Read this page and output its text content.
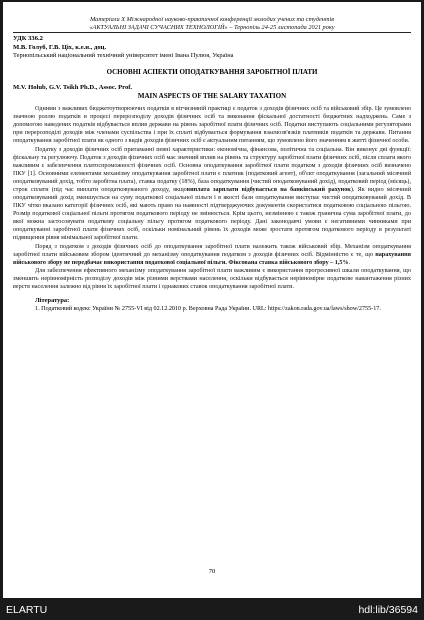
Матеріали Х Міжнародної науково-практичної конференції молодих учених та студентів
«АКТУАЛЬНІ ЗАДАЧІ СУЧАСНИХ ТЕХНОЛОГІЙ» – Тернопіль 24-25 листопада 2021 року
УДК 336.2
М.В. Голуб, Г.В. Ціх, к.е.н., доц.
Тернопільський національний технічний університет імені Івана Пулюя, Україна
ОСНОВНІ АСПЕКТИ ОПОДАТКУВАННЯ ЗАРОБІТНОЇ ПЛАТИ
M.V. Holub, G.V. Tsikh Ph.D., Assoc. Prof.
MAIN ASPECTS OF THE SALARY TAXATION

Одними з важливих бюджетоутворюючих податків в вітчизняній практиці є податок з доходів фізичних осіб та військовий збір. Це зумовлено значною роллю податків в процесі перерозподілу доходів фізичних осіб та виконання фіскальної достатності бюджетних надходжень. Саме з допомогою наведених податків відбувається вплив держави на рівень заробітної плати фізичних осіб. Податки виступають соціальними регуляторами при перерозподілі доходів між членами суспільства і при їх сплаті відбувається формування взаємозв'язків платників податків та держави. Питання оподаткування заробітної плати як одного з видів доходів фізичних осіб є актуальним питанням, що зумовлено його значенням в житті фізичної особи.

Податку з доходів фізичних осіб притаманні певні характеристики: економічна, фінансова, політична та соціальна. Він виконує дві функції: фіскальну та регулюючу. Податок з доходів фізичних осіб має значний вплив на рівень та структуру заробітної плати фізичних осіб, після сплати якого важливим є забезпечення платоспроможності фізичних осіб. Основна оподаткування заробітної плати податком з доходів фізичних осіб визначено ПКУ [1]. Основними елементами механізму оподаткування заробітної плати є платник (податковий агент), об'єкт оподаткування (загальний місячний оподатковуваний дохід, тобто заробітна плата), ставка податку (18%), база оподаткування (чистий оподатковуваний дохід), податковий період (місяць), строк сплати (під час виплати оподатковуваного доходу, якщовиплата зарплати відбувається на банківський рахунок). Як видно місячний оподатковуваний дохід зменшується на суму податкової соціальної пільги і в якості бази оподаткування виступає чистий оподатковуваний дохід. В ПКУ чітко вказано категорії фізичних осіб, які мають право на наявності підтверджуючих документів скористатися податковою соціальною пільгою. Розмір податкової соціальної пільги протягом податкового періоду не змінюється. Крім цього, незмінною є також гранична сума заробітної плати, до якої можна застосовувати податкову соціальну пільгу протягом податкового періоду. Дані законодавчі умови є негативними чинниками при оподаткуванні заробітної плати фізичних осіб, оскільки номінальний рівень їх доходів може зростати протягом податкового періоду в результаті підвищення рівня мінімальної заробітної плати.

Поряд з податком з доходів фізичних осіб до оподаткування заробітної плати належить також військовий збір. Механізм оподаткування заробітної плати військовим збором ідентичний до механізму оподаткування податком з доходів фізичних осіб. Відмінністю є те, що нарахування військового збору не передбачає використання податкової соціальної пільги. Фіксована ставка військового збору – 1,5%.

Для забезпечення ефективного механізму оподаткування заробітної плати важливим є використання прогресивної шкали оподаткування, що зменшить нерівномірність розподілу доходів між різними верствами населення, оскільки відбувається нерівномірне податкове навантаження різних верств населення залежно від рівня їх заробітної плати і однакових ставок оподаткування заробітної плати.

Література:
1. Податковий кодекс України № 2755-VI від 02.12.2010 р. Верховна Рада України. URL: https://zakon.rada.gov.ua/laws/show/2755-17.
70
ELARTU	hdl:lib/36594
